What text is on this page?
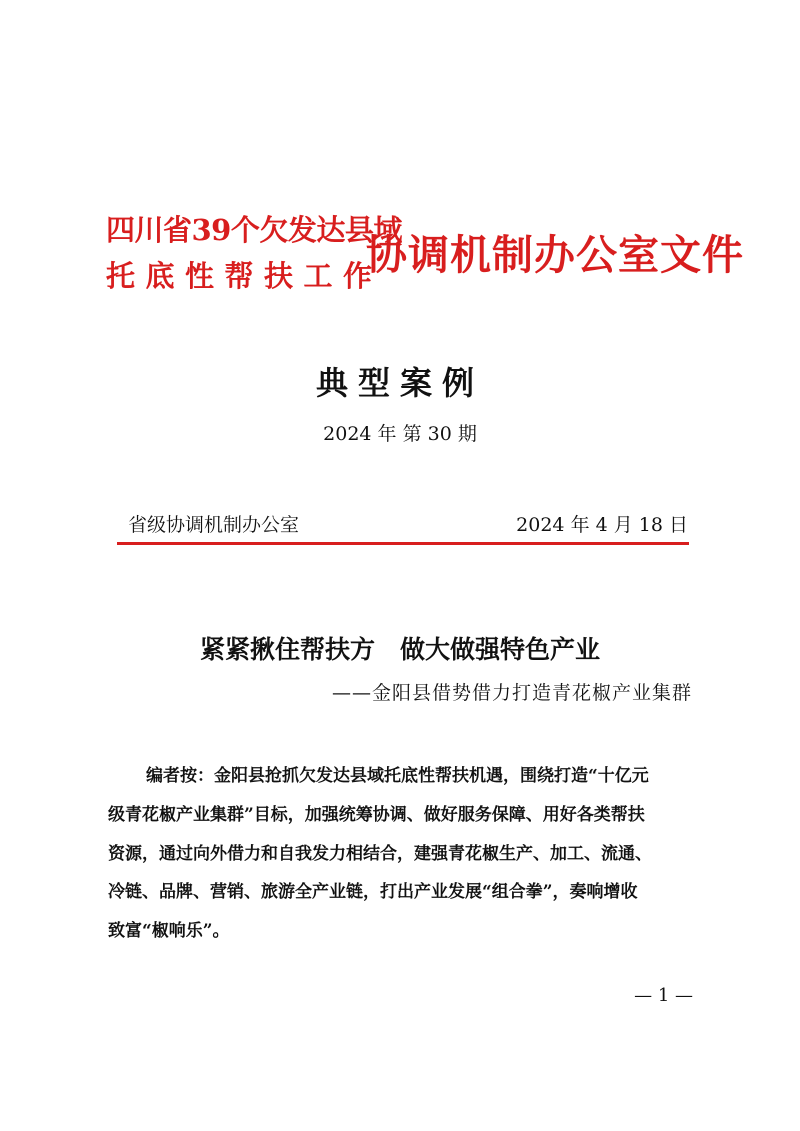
四川省39个欠发达县域
托底性帮扶工作
协调机制办公室文件
典型案例
2024 年 第 30 期
省级协调机制办公室	2024 年 4 月 18 日
紧紧揪住帮扶方　做大做强特色产业
——金阳县借势借力打造青花椒产业集群
编者按：金阳县抢抓欠发达县域托底性帮扶机遇，围绕打造“十亿元
级青花椒产业集群”目标，加强统筹协调、做好服务保障、用好各类帮扶
资源，通过向外借力和自我发力相结合，建强青花椒生产、加工、流通、
冷链、品牌、营销、旅游全产业链，打出产业发展“组合拳”，奏响增收
致富“椒响乐”。
— 1 —
